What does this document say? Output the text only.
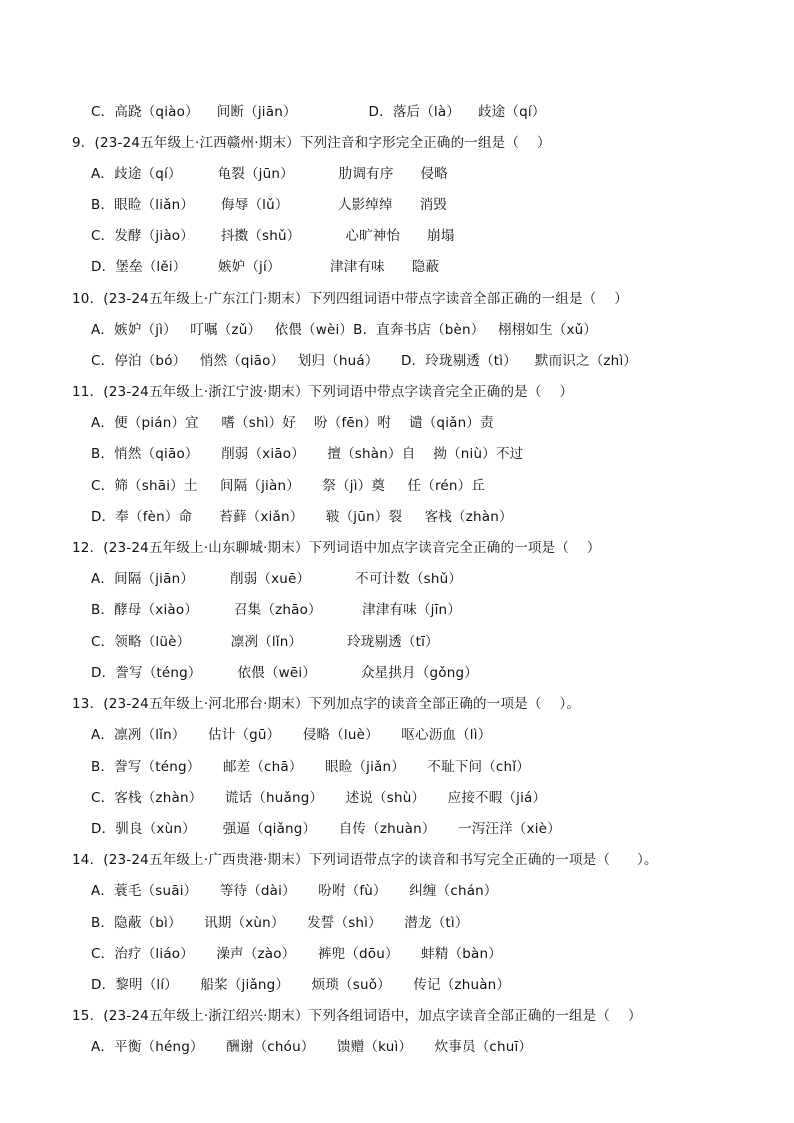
C．高跷（qiào）    间断（jiān）                D．落后（là）    歧途（qí）
9．(23-24五年级上·江西赣州·期末）下列注音和字形完全正确的一组是（    ）
A．歧途（qí）        龟裂（jūn）          肋调有序      侵略
B．眼睑（liǎn）      侮辱（lǔ）           人影绰绰      消毁
C．发酵（jiào）      抖擞（shǔ）          心旷神怡      崩塌
D．堡垒（lěi）       嫉妒（jí）           津津有味      隐蔽
10．(23-24五年级上·广东江门·期末）下列四组词语中带点字读音全部正确的一组是（    ）
A．嫉妒（jì）   叮嘱（zǔ）   依偎（wèi）B．直奔书店（bèn）   栩栩如生（xǔ）
C．停泊（bó）   悄然（qiāo）   划归（huá）     D．玲珑剔透（tì）    默而识之（zhì）
11．(23-24五年级上·浙江宁波·期末）下列词语中带点字读音完全正确的是（    ）
A．便（pián）宜     嗜（shì）好    吩（fēn）咐    谴（qiǎn）责
B．悄然（qiāo）     削弱（xiāo）     擅（shàn）自    拗（niù）不过
C．筛（shāi）土     间隔（jiàn）     祭（jì）奠     任（rén）丘
D．奉（fèn）命      苔藓（xiǎn）     皲（jūn）裂     客栈（zhàn）
12．(23-24五年级上·山东聊城·期末）下列词语中加点字读音完全正确的一项是（    ）
A．间隔（jiān）        削弱（xuē）          不可计数（shǔ）
B．酵母（xiào）        召集（zhāo）         津津有味（jīn）
C．领略（lüè）         凛冽（lǐn）          玲珑剔透（tī）
D．誊写（téng）        依偎（wēi）          众星拱月（gǒng）
13．(23-24五年级上·河北邢台·期末）下列加点字的读音全部正确的一项是（    ）。
A．凛冽（lǐn）     估计（gū）     侵略（luè）     呕心沥血（lì）
B．誊写（téng）     邮差（chā）     眼睑（jiǎn）     不耻下问（chǐ）
C．客栈（zhàn）     谎话（huǎng）     述说（shù）     应接不暇（jiá）
D．驯良（xùn）      强逼（qiǎng）     自传（zhuàn）     一泻汪洋（xiè）
14．(23-24五年级上·广西贵港·期末）下列词语带点字的读音和书写完全正确的一项是（      ）。
A．蓑毛（suāi）     等待（dài）     吩咐（fù）     纠缠（chán）
B．隐蔽（bì）     讯期（xùn）     发誓（shì）     潜龙（tì）
C．治疗（liáo）     澡声（zào）     裤兜（dōu）     蚌精（bàn）
D．黎明（lí）     船桨（jiǎng）     烦琐（suǒ）     传记（zhuàn）
15．(23-24五年级上·浙江绍兴·期末）下列各组词语中，加点字读音全部正确的一组是（    ）
A．平衡（héng）     酬谢（chóu）     馈赠（kuì）     炊事员（chuī）
